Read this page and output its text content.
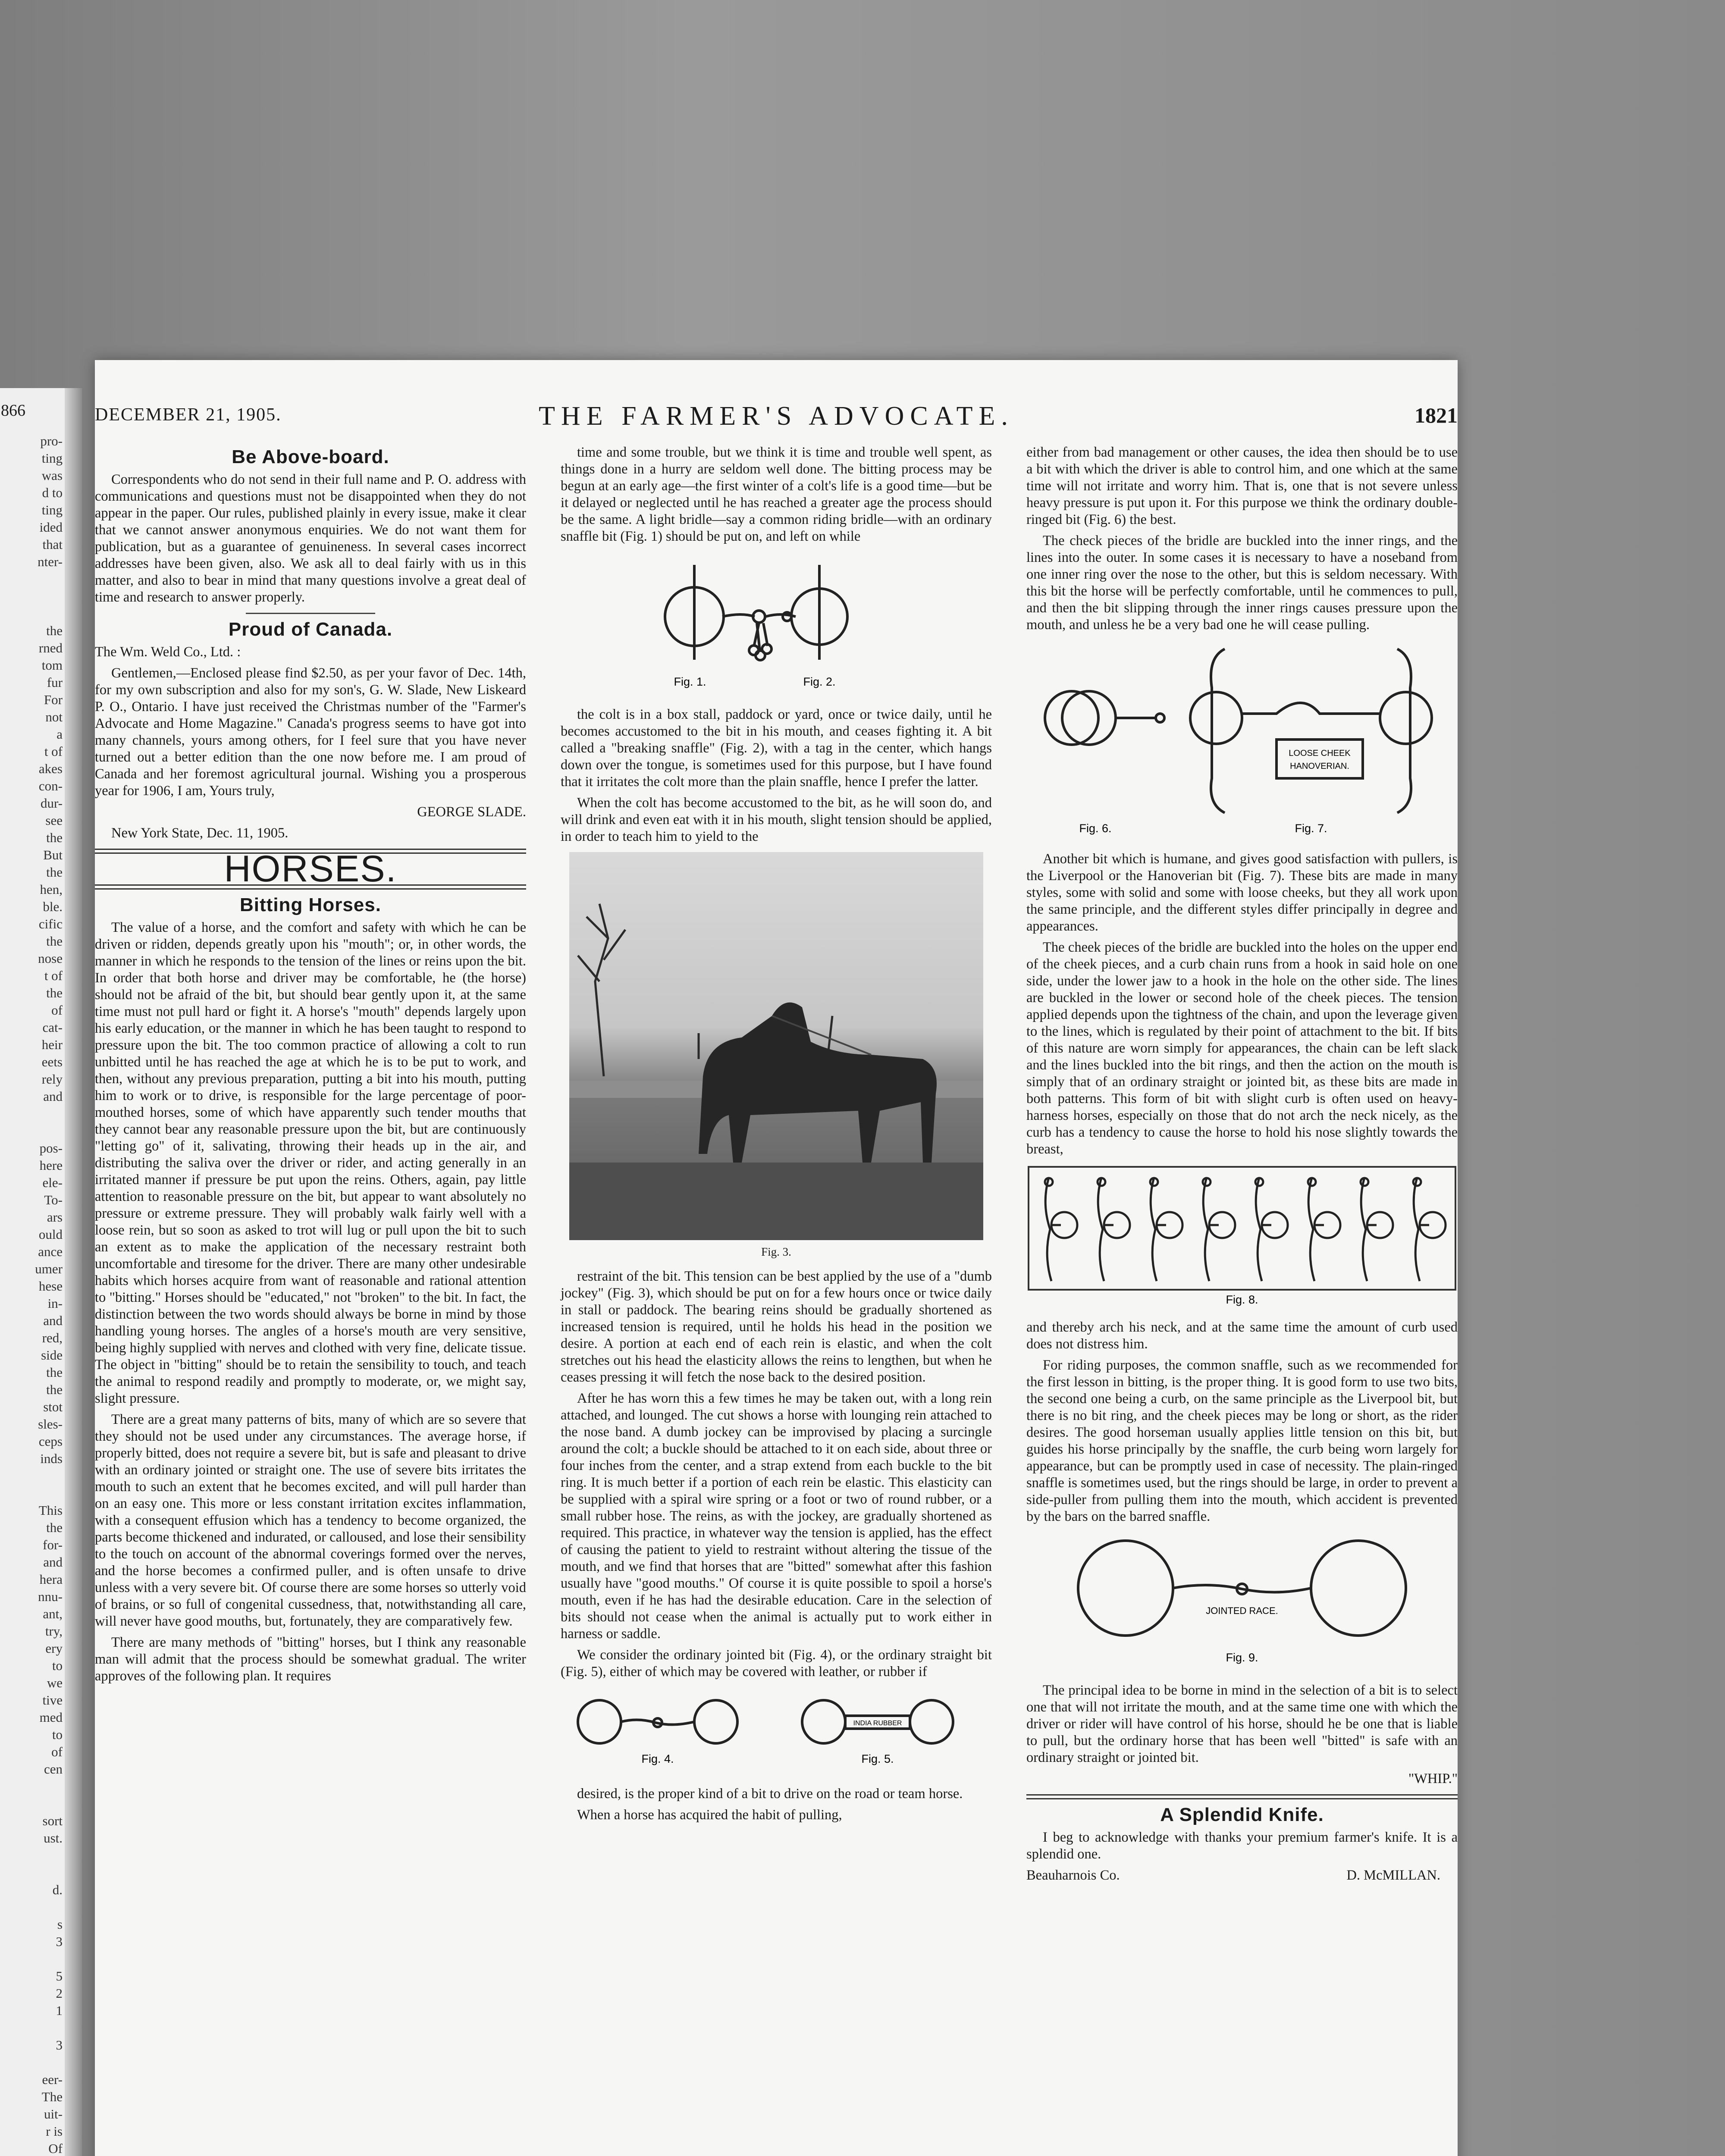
866
pro-
ting
was
d to
ting
ided
that
nter-
the
rned
tom
fur
For
not
a
t of
akes
con-
dur-
see
the
But
the
hen,
ble.
cific
the
nose
t of
the
of
cat-
heir
eets
rely
and
pos-
here
ele-
To-
ars
ould
ance
umer
hese
in-
and
red,
side
the
the
stot
sles-
ceps
inds
This
the
for-
and
hera
nnu-
ant,
try,
ery
to
we
tive
med
to
of
cen
sort
ust.
d.
s
3
5
2
1
3
eer-
The
uit-
r is
Of
THE FARMER'S ADVOCATE.
DECEMBER 21, 1905.	1821
Be Above-board.

Correspondents who do not send in their full name and P. O. address with communications and questions must not be disappointed when they do not appear in the paper. Our rules, published plainly in every issue, make it clear that we cannot answer anonymous enquiries. We do not want them for publication, but as a guarantee of genuineness. In several cases incorrect addresses have been given, also. We ask all to deal fairly with us in this matter, and also to bear in mind that many questions involve a great deal of time and research to answer properly.

Proud of Canada.

The Wm. Weld Co., Ltd. :

Gentlemen,—Enclosed please find $2.50, as per your favor of Dec. 14th, for my own subscription and also for my son's, G. W. Slade, New Liskeard P. O., Ontario. I have just received the Christmas number of the "Farmer's Advocate and Home Magazine." Canada's progress seems to have got into many channels, yours among others, for I feel sure that you have never turned out a better edition than the one now before me. I am proud of Canada and her foremost agricultural journal. Wishing you a prosperous year for 1906, I am, Yours truly,

GEORGE SLADE.

New York State, Dec. 11, 1905.

HORSES.
Bitting Horses.

The value of a horse, and the comfort and safety with which he can be driven or ridden, depends greatly upon his "mouth"; or, in other words, the manner in which he responds to the tension of the lines or reins upon the bit. In order that both horse and driver may be comfortable, he (the horse) should not be afraid of the bit, but should bear gently upon it, at the same time must not pull hard or fight it. A horse's "mouth" depends largely upon his early education, or the manner in which he has been taught to respond to pressure upon the bit. The too common practice of allowing a colt to run unbitted until he has reached the age at which he is to be put to work, and then, without any previous preparation, putting a bit into his mouth, putting him to work or to drive, is responsible for the large percentage of poor-mouthed horses, some of which have apparently such tender mouths that they cannot bear any reasonable pressure upon the bit, but are continuously "letting go" of it, salivating, throwing their heads up in the air, and distributing the saliva over the driver or rider, and acting generally in an irritated manner if pressure be put upon the reins. Others, again, pay little attention to reasonable pressure on the bit, but appear to want absolutely no pressure or extreme pressure. They will probably walk fairly well with a loose rein, but so soon as asked to trot will lug or pull upon the bit to such an extent as to make the application of the necessary restraint both uncomfortable and tiresome for the driver. There are many other undesirable habits which horses acquire from want of reasonable and rational attention to "bitting." Horses should be "educated," not "broken" to the bit. In fact, the distinction between the two words should always be borne in mind by those handling young horses. The angles of a horse's mouth are very sensitive, being highly supplied with nerves and clothed with very fine, delicate tissue. The object in "bitting" should be to retain the sensibility to touch, and teach the animal to respond readily and promptly to moderate, or, we might say, slight pressure.

There are a great many patterns of bits, many of which are so severe that they should not be used under any circumstances. The average horse, if properly bitted, does not require a severe bit, but is safe and pleasant to drive with an ordinary jointed or straight one. The use of severe bits irritates the mouth to such an extent that he becomes excited, and will pull harder than on an easy one. This more or less constant irritation excites inflammation, with a consequent effusion which has a tendency to become organized, the parts become thickened and indurated, or calloused, and lose their sensibility to the touch on account of the abnormal coverings formed over the nerves, and the horse becomes a confirmed puller, and is often unsafe to drive unless with a very severe bit. Of course there are some horses so utterly void of brains, or so full of congenital cussedness, that, notwithstanding all care, will never have good mouths, but, fortunately, they are comparatively few.

There are many methods of "bitting" horses, but I think any reasonable man will admit that the process should be somewhat gradual. The writer approves of the following plan. It requires

time and some trouble, but we think it is time and trouble well spent, as things done in a hurry are seldom well done. The bitting process may be begun at an early age—the first winter of a colt's life is a good time—but be it delayed or neglected until he has reached a greater age the process should be the same. A light bridle—say a common riding bridle—with an ordinary snaffle bit (Fig. 1) should be put on, and left on while

Fig. 1.	Fig. 2.

the colt is in a box stall, paddock or yard, once or twice daily, until he becomes accustomed to the bit in his mouth, and ceases fighting it. A bit called a "breaking snaffle" (Fig. 2), with a tag in the center, which hangs down over the tongue, is sometimes used for this purpose, but I have found that it irritates the colt more than the plain snaffle, hence I prefer the latter.

When the colt has become accustomed to the bit, as he will soon do, and will drink and even eat with it in his mouth, slight tension should be applied, in order to teach him to yield to the

Fig. 3.

restraint of the bit. This tension can be best applied by the use of a "dumb jockey" (Fig. 3), which should be put on for a few hours once or twice daily in stall or paddock. The bearing reins should be gradually shortened as increased tension is required, until he holds his head in the position we desire. A portion at each end of each rein is elastic, and when the colt stretches out his head the elasticity allows the reins to lengthen, but when he ceases pressing it will fetch the nose back to the desired position.

After he has worn this a few times he may be taken out, with a long rein attached, and lounged. The cut shows a horse with lounging rein attached to the nose band. A dumb jockey can be improvised by placing a surcingle around the colt; a buckle should be attached to it on each side, about three or four inches from the center, and a strap extend from each buckle to the bit ring. It is much better if a portion of each rein be elastic. This elasticity can be supplied with a spiral wire spring or a foot or two of round rubber, or a small rubber hose. The reins, as with the jockey, are gradually shortened as required. This practice, in whatever way the tension is applied, has the effect of causing the patient to yield to restraint without altering the tissue of the mouth, and we find that horses that are "bitted" somewhat after this fashion usually have "good mouths." Of course it is quite possible to spoil a horse's mouth, even if he has had the desirable education. Care in the selection of bits should not cease when the animal is actually put to work either in harness or saddle.

We consider the ordinary jointed bit (Fig. 4), or the ordinary straight bit (Fig. 5), either of which may be covered with leather, or rubber if

INDIA RUBBER
Fig. 4.	Fig. 5.

desired, is the proper kind of a bit to drive on the road or team horse.

When a horse has acquired the habit of pulling,

either from bad management or other causes, the idea then should be to use a bit with which the driver is able to control him, and one which at the same time will not irritate and worry him. That is, one that is not severe unless heavy pressure is put upon it. For this purpose we think the ordinary double-ringed bit (Fig. 6) the best.

The check pieces of the bridle are buckled into the inner rings, and the lines into the outer. In some cases it is necessary to have a noseband from one inner ring over the nose to the other, but this is seldom necessary. With this bit the horse will be perfectly comfortable, until he commences to pull, and then the bit slipping through the inner rings causes pressure upon the mouth, and unless he be a very bad one he will cease pulling.

LOOSE CHEEK
HANOVERIAN.
Fig. 6.	Fig. 7.

Another bit which is humane, and gives good satisfaction with pullers, is the Liverpool or the Hanoverian bit (Fig. 7). These bits are made in many styles, some with solid and some with loose cheeks, but they all work upon the same principle, and the different styles differ principally in degree and appearances.

The cheek pieces of the bridle are buckled into the holes on the upper end of the cheek pieces, and a curb chain runs from a hook in said hole on one side, under the lower jaw to a hook in the hole on the other side. The lines are buckled in the lower or second hole of the cheek pieces. The tension applied depends upon the tightness of the chain, and upon the leverage given to the lines, which is regulated by their point of attachment to the bit. If bits of this nature are worn simply for appearances, the chain can be left slack and the lines buckled into the bit rings, and then the action on the mouth is simply that of an ordinary straight or jointed bit, as these bits are made in both patterns. This form of bit with slight curb is often used on heavy-harness horses, especially on those that do not arch the neck nicely, as the curb has a tendency to cause the horse to hold his nose slightly towards the breast,

Fig. 8.

and thereby arch his neck, and at the same time the amount of curb used does not distress him.

For riding purposes, the common snaffle, such as we recommended for the first lesson in bitting, is the proper thing. It is good form to use two bits, the second one being a curb, on the same principle as the Liverpool bit, but there is no bit ring, and the cheek pieces may be long or short, as the rider desires. The good horseman usually applies little tension on this bit, but guides his horse principally by the snaffle, the curb being worn largely for appearance, but can be promptly used in case of necessity. The plain-ringed snaffle is sometimes used, but the rings should be large, in order to prevent a side-puller from pulling them into the mouth, which accident is prevented by the bars on the barred snaffle.

JOINTED RACE.
Fig. 9.

The principal idea to be borne in mind in the selection of a bit is to select one that will not irritate the mouth, and at the same time one with which the driver or rider will have control of his horse, should he be one that is liable to pull, but the ordinary horse that has been well "bitted" is safe with an ordinary straight or jointed bit.

"WHIP."

A Splendid Knife.

I beg to acknowledge with thanks your premium farmer's knife. It is a splendid one.

Beauharnois Co.	D. McMILLAN.
